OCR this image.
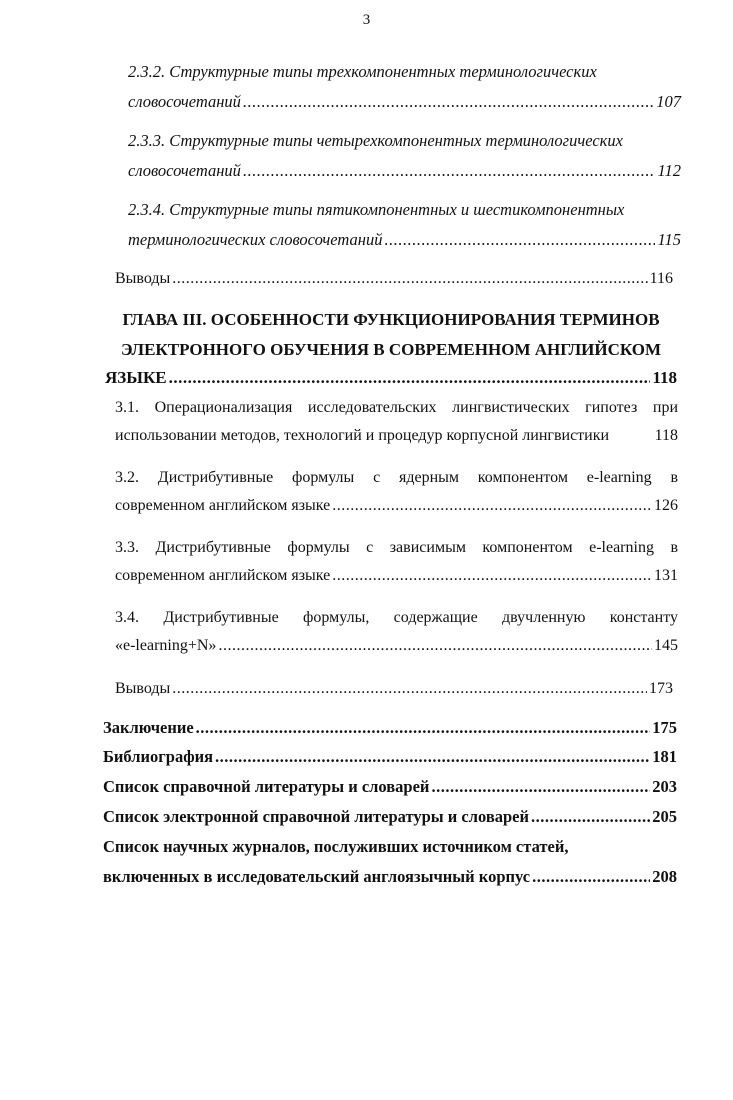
3
2.3.2. Структурные типы трехкомпонентных терминологических
словосочетаний .....	107
2.3.3. Структурные типы четырехкомпонентных терминологических
словосочетаний .....	112
2.3.4. Структурные типы пятикомпонентных и шестикомпонентных
терминологических словосочетаний .....	115
Выводы .....	116
ГЛАВА III. ОСОБЕННОСТИ ФУНКЦИОНИРОВАНИЯ ТЕРМИНОВ
ЭЛЕКТРОННОГО ОБУЧЕНИЯ В СОВРЕМЕННОМ АНГЛИЙСКОМ
ЯЗЫКЕ .....	118
3.1. Операционализация исследовательских лингвистических гипотез при
использовании методов, технологий и процедур корпусной лингвистики	118
3.2. Дистрибутивные формулы с ядерным компонентом e-learning в
современном английском языке .....	126
3.3. Дистрибутивные формулы с зависимым компонентом e-learning в
современном английском языке .....	131
3.4. Дистрибутивные формулы, содержащие двучленную константу
«e-learning+N» .....	145
Выводы .....	173
Заключение .....	175
Библиография .....	181
Список справочной литературы и словарей .....	203
Список электронной справочной литературы и словарей .....	205
Список научных журналов, послуживших источником статей,
включенных в исследовательский англоязычный корпус .....	208
